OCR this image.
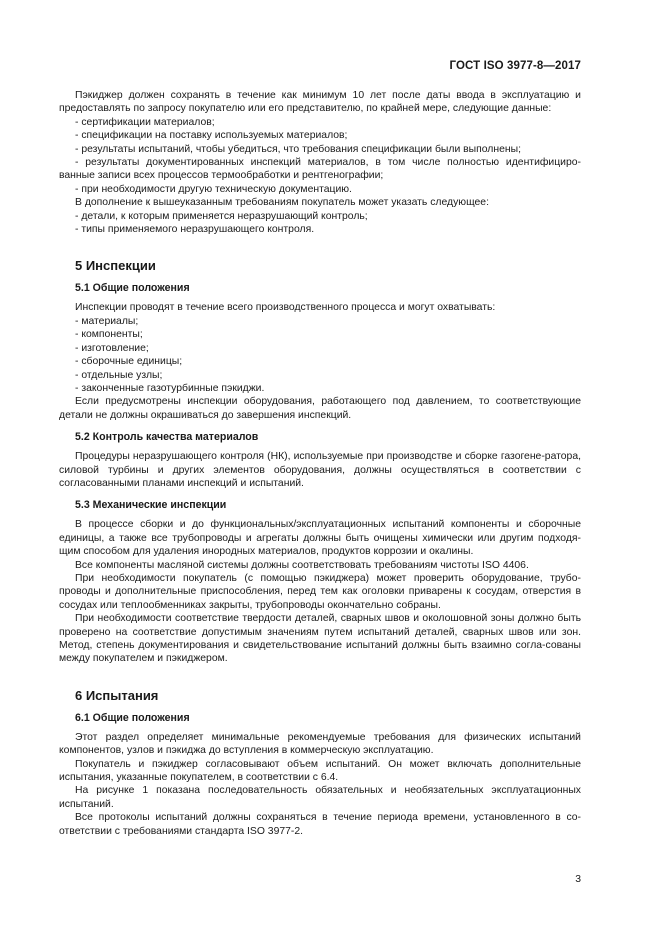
ГОСТ ISO 3977-8—2017

Пэкиджер должен сохранять в течение как минимум 10 лет после даты ввода в эксплуатацию и предоставлять по запросу покупателю или его представителю, по крайней мере, следующие данные:

- сертификации материалов;

- спецификации на поставку используемых материалов;

- результаты испытаний, чтобы убедиться, что требования спецификации были выполнены;

- результаты документированных инспекций материалов, в том числе полностью идентифициро-ванные записи всех процессов термообработки и рентгенографии;

- при необходимости другую техническую документацию.

В дополнение к вышеуказанным требованиям покупатель может указать следующее:

- детали, к которым применяется неразрушающий контроль;

- типы применяемого неразрушающего контроля.

5 Инспекции

5.1 Общие положения

Инспекции проводят в течение всего производственного процесса и могут охватывать:

- материалы;

- компоненты;

- изготовление;

- сборочные единицы;

- отдельные узлы;

- законченные газотурбинные пэкиджи.

Если предусмотрены инспекции оборудования, работающего под давлением, то соответствующие детали не должны окрашиваться до завершения инспекций.

5.2 Контроль качества материалов

Процедуры неразрушающего контроля (НК), используемые при производстве и сборке газогене-ратора, силовой турбины и других элементов оборудования, должны осуществляться в соответствии с согласованными планами инспекций и испытаний.

5.3 Механические инспекции

В процессе сборки и до функциональных/эксплуатационных испытаний компоненты и сборочные единицы, а также все трубопроводы и агрегаты должны быть очищены химически или другим подходя-щим способом для удаления инородных материалов, продуктов коррозии и окалины.

Все компоненты масляной системы должны соответствовать требованиям чистоты ISO 4406.

При необходимости покупатель (с помощью пэкиджера) может проверить оборудование, трубо-проводы и дополнительные приспособления, перед тем как оголовки приварены к сосудам, отверстия в сосудах или теплообменниках закрыты, трубопроводы окончательно собраны.

При необходимости соответствие твердости деталей, сварных швов и околошовной зоны должно быть проверено на соответствие допустимым значениям путем испытаний деталей, сварных швов или зон. Метод, степень документирования и свидетельствование испытаний должны быть взаимно согла-сованы между покупателем и пэкиджером.

6 Испытания

6.1 Общие положения

Этот раздел определяет минимальные рекомендуемые требования для физических испытаний компонентов, узлов и пэкиджа до вступления в коммерческую эксплуатацию.

Покупатель и пэкиджер согласовывают объем испытаний. Он может включать дополнительные испытания, указанные покупателем, в соответствии с 6.4.

На рисунке 1 показана последовательность обязательных и необязательных эксплуатационных испытаний.

Все протоколы испытаний должны сохраняться в течение периода времени, установленного в со-ответствии с требованиями стандарта ISO 3977-2.

3
